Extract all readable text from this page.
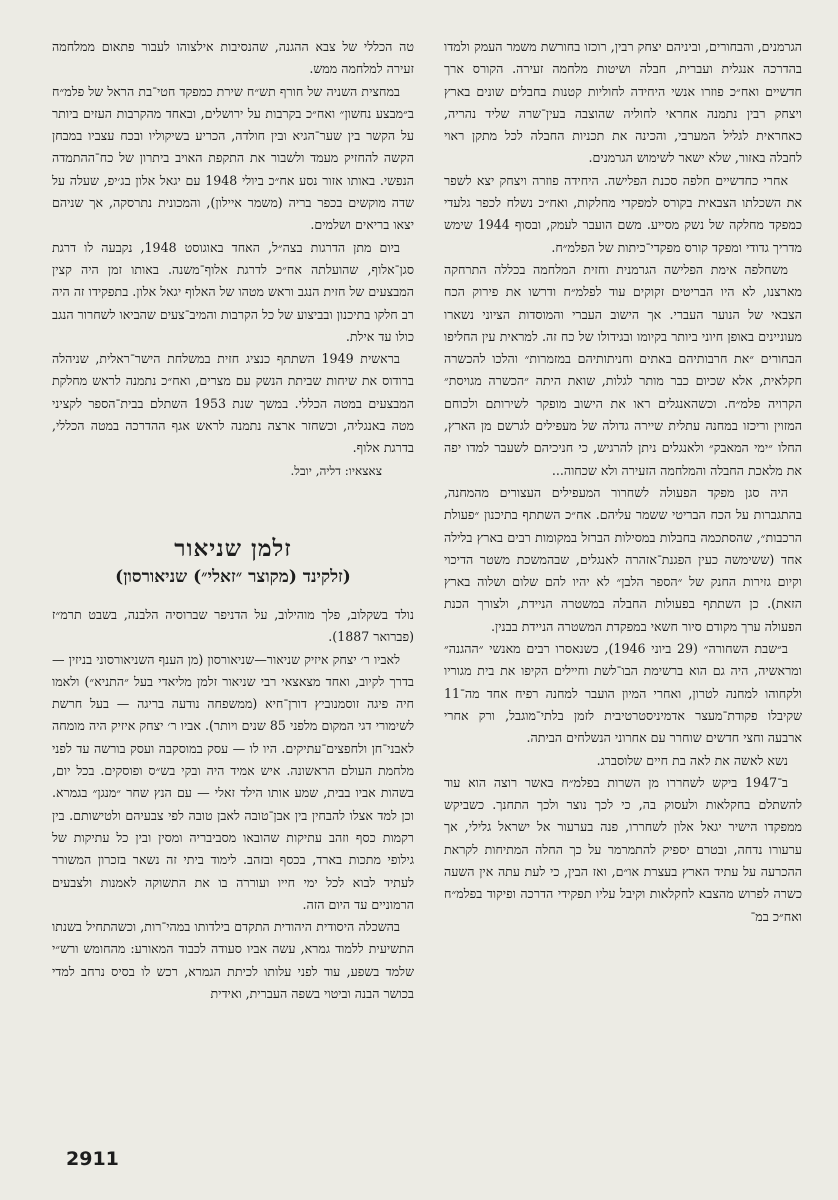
הגרמנים, והבחורים, וביניהם יצחק רבין, רוכזו בחורשת משמר העמק ולמדו בהדרכה אנגלית ועברית, חבלה ושיטות מלחמה זעירה. הקורס ארך חדשיים ואח״כ פוזרו אנשי היחידה לחוליות קטנות בחבלים שונים בארץ ויצחק רבין נתמנה אחראי לחוליה שהוצבה בעין־שרה שליד נהריה, כאחראית לגליל המערבי, והכינה את תכניות החבלה לכל מתקן ראוי לחבלה באזור, שלא ישאר לשימוש הגרמנים.

אחרי כחדשיים חלפה סכנת הפלישה. היחידה פוזרה ויצחק יצא לשפר את השכלתו הצבאית בקורס למפקדי מחלקות, ואח״כ נשלח לכפר גלעדי כמפקד מחלקה של נשק מסייע. משם הועבר לעמק, ובסוף 1944 שימש מדריך גדודי ומפקד קורס מפקדי־כיתות של הפלמ״ח.

משחלפה אימת הפלישה הגרמנית וחזית המלחמה בכללה התרחקה מארצנו, לא היו הבריטים זקוקים עוד לפלמ״ח ודרשו את פירוק הכח הצבאי של הנוער העברי. אך הישוב העברי והמוסדות הציוני נשארו מעוניינים באופן חיוני ביותר בקיומו ובגידולו של כח זה. למראית עין החליפו הבחורים ״את חרבותיהם באתים וחניתותיהם במזמרות״ והלכו להכשרה חקלאית, אלא שכיום כבר מותר לגלות, שואת היתה ״הכשרה מגויסת״ הקרויה פלמ״ח. וכשהאנגלים ראו את הישוב מופקר לשירותם ולכוחם המזוין וריכזו במחנה עתלית שיירה גדולה של מעפילים לגרשם מן הארץ, החלו ״ימי המאבק״ ולאנגלים ניתן להרגיש, כי חניכיהם לשעבר למדו יפה את מלאכת החבלה והמלחמה הזעירה ולא שכחוה...

היה סגן מפקד הפעולה לשחרור המעפילים העצורים מהמחנה, בהתגברות על הכח הבריטי ששמר עליהם. אח״כ השתתף בתיכנון ״פעולת הרכבות״, שהסתכמה בחבלות במסילות הברזל במקומות רבים בארץ בלילה אחד (ששימשה כעין הפגנת־אזהרה לאנגלים, שבהמשכת משטר הדיכוי וקיום גזירות החנק של ״הספר הלבן״ לא יהיו להם שלום ושלוה בארץ הזאת). כן השתתף בפעולות החבלה במשטרה הניידת, ולצורך הכנת הפעולה ערך מקודם סיור חשאי במפקדת המשטרה הניידת בבנין.

ב״שבת השחורה״ (29 ביוני 1946), כשנאסרו רבים מאנשי ״ההגנה״ ומראשיה, היה גם הוא ברשימת הבו־לשת וחיילים הקיפו את בית מגוריו ולקחוהו למחנה לטרון, ואחרי המיון הועבר למחנה רפיח אחד מה־11 שקיבלו פקודת־מעצר אדמיניסטרטיבית לזמן בלתי־מוגבל, ורק אחרי ארבעה וחצי חדשים שוחרר עם אחרוני הנשלחים הביתה.

נשא לאשה את לאה בת חיים שלוסברג.

ב־1947 ביקש לשחררו מן השרות בפלמ״ח באשר רוצה הוא עוד להשתלם בחקלאות ולעסוק בה, כי לכך נוצר ולכך התחנך. כשביקש ממפקדו הישיר יגאל אלון לשחררו, פנה בערעור אל ישראל גלילי, אך ערעורו נדחה, ובטרם יספיק להתמרמר על כך החלה המתיחות לקראת ההכרעה על עתיד הארץ בעצרת או״ם, ואז הבין, כי לעת עתה אין השעה כשרה לפרוש מהצבא לחקלאות וקיבל עליו תפקידי הדרכה ופיקוד בפלמ״ח ואח״כ במ־

טה הכללי של צבא ההגנה, שהנסיבות אילצוהו לעבור פתאום ממלחמה זעירה למלחמה ממש.

במחצית השניה של חורף תש״ח שירת כמפקד חטי־בת הראל של פלמ״ח ב״מבצע נחשון״ ואח״כ בקרבות על ירושלים, ובאחד מהקרבות העזים ביותר על הקשר בין שער־הגיא ובין חולדה, הכריע בשיקוליו ובכח עצביו במבחן הקשה להחזיק מעמד ולשבור את התקפת האויב ביתרון של כח־ההתמדה הנפשי. באותו אזור נסע אח״כ ביולי 1948 עם יגאל אלון בג׳יפ, שעלה על שדה מוקשים בכפר בריה (משמר איילון), והמכונית נתרסקה, אך שניהם יצאו בריאים ושלמים.

ביום מתן הדרגות בצה״ל, האחד באוגוסט 1948, נקבעה לו דרגת סגן־אלוף, שהועלתה אח״כ לדרגת אלוף־משנה. באותו זמן היה קצין המבצעים של חזית הנגב וראש מטהו של האלוף יגאל אלון. בתפקידו זה היה רב חלקו בתיכנון ובביצוע של כל הקרבות והמיב־צעים שהביאו לשחרור הנגב כולו עד אילת.

בראשית 1949 השתתף כנציג חזית במשלחת הישר־ראלית, שניהלה ברודוס את שיחות שביתת הנשק עם מצרים, ואח״כ נתמנה לראש מחלקת המבצעים במטה הכללי. במשך שנת 1953 השתלם בבית־הספר לקציני מטה באנגליה, וכשחזר ארצה נתמנה לראש אגף ההדרכה במטה הכללי, בדרגת אלוף.

צאצאיו: דליה, יובל.

זלמן שניאור
(זלקינד (מקוצר ״זאלי״) שניאורסון)

נולד בשקלוב, פלך מוהילוב, על הדניפר שברוסיה הלבנה, בשבט תרמ״ז (פברואר 1887).

לאביו ר׳ יצחק איזיק שניאור—שניאורסון (מן הענף השניאורסוני בניזין — בדרך לקיוב, ואחד מצאצאי רבי שניאור זלמן מליאדי בעל ״התניא״) ולאמו חיה פיגה זוסמנוביץ דורן־חיא (ממשפחה נודעה בריגה — בעל חרשת לשימורי דגי המקום מלפני 85 שנים ויותר). אביו ר׳ יצחק איזיק היה מומחה לאבני־חן ולחפצים־עתיקים. היו לו — עסק במוסקבה ועסק בורשה עד לפני מלחמת העולם הראשונה. איש אמיד היה ובקי בש״ס ופוסקים. בכל יום, בשהות אביו בבית, שמע אותו הילד זאלי — עם הנץ שחר ״מנגן״ בגמרא. וכן למד אצלו להבחין בין אבן־טובה לאבן טובה לפי צבעיהם ולטישותם. בין רקמות כסף וזהב עתיקות שהובאו מסביבריה ומסין ובין כל עתיקות של גילופי מתכות בארד, בכסף ובזהב. לימוד ביתי זה נשאר בזכרון המשורר לעתיד לבוא לכל ימי חייו ועוררה בו את התשוקה לאמנות ולצבעים הרמוניים עד היום הזה.

בהשכלה היסודית היהודית התקדם בילדותו במהי־רות, וכשהתחיל בשנתו התשיעית ללמוד גמרא, עשה אביו סעודה לכבוד המאורע: מהחומש ורש״י שלמד בשפע, עוד לפני עלותו לכיתת הגמרא, רכש לו בסיס נרחב למדי בכושר הבנה וביטוי בשפה העברית, ואידית

2911
